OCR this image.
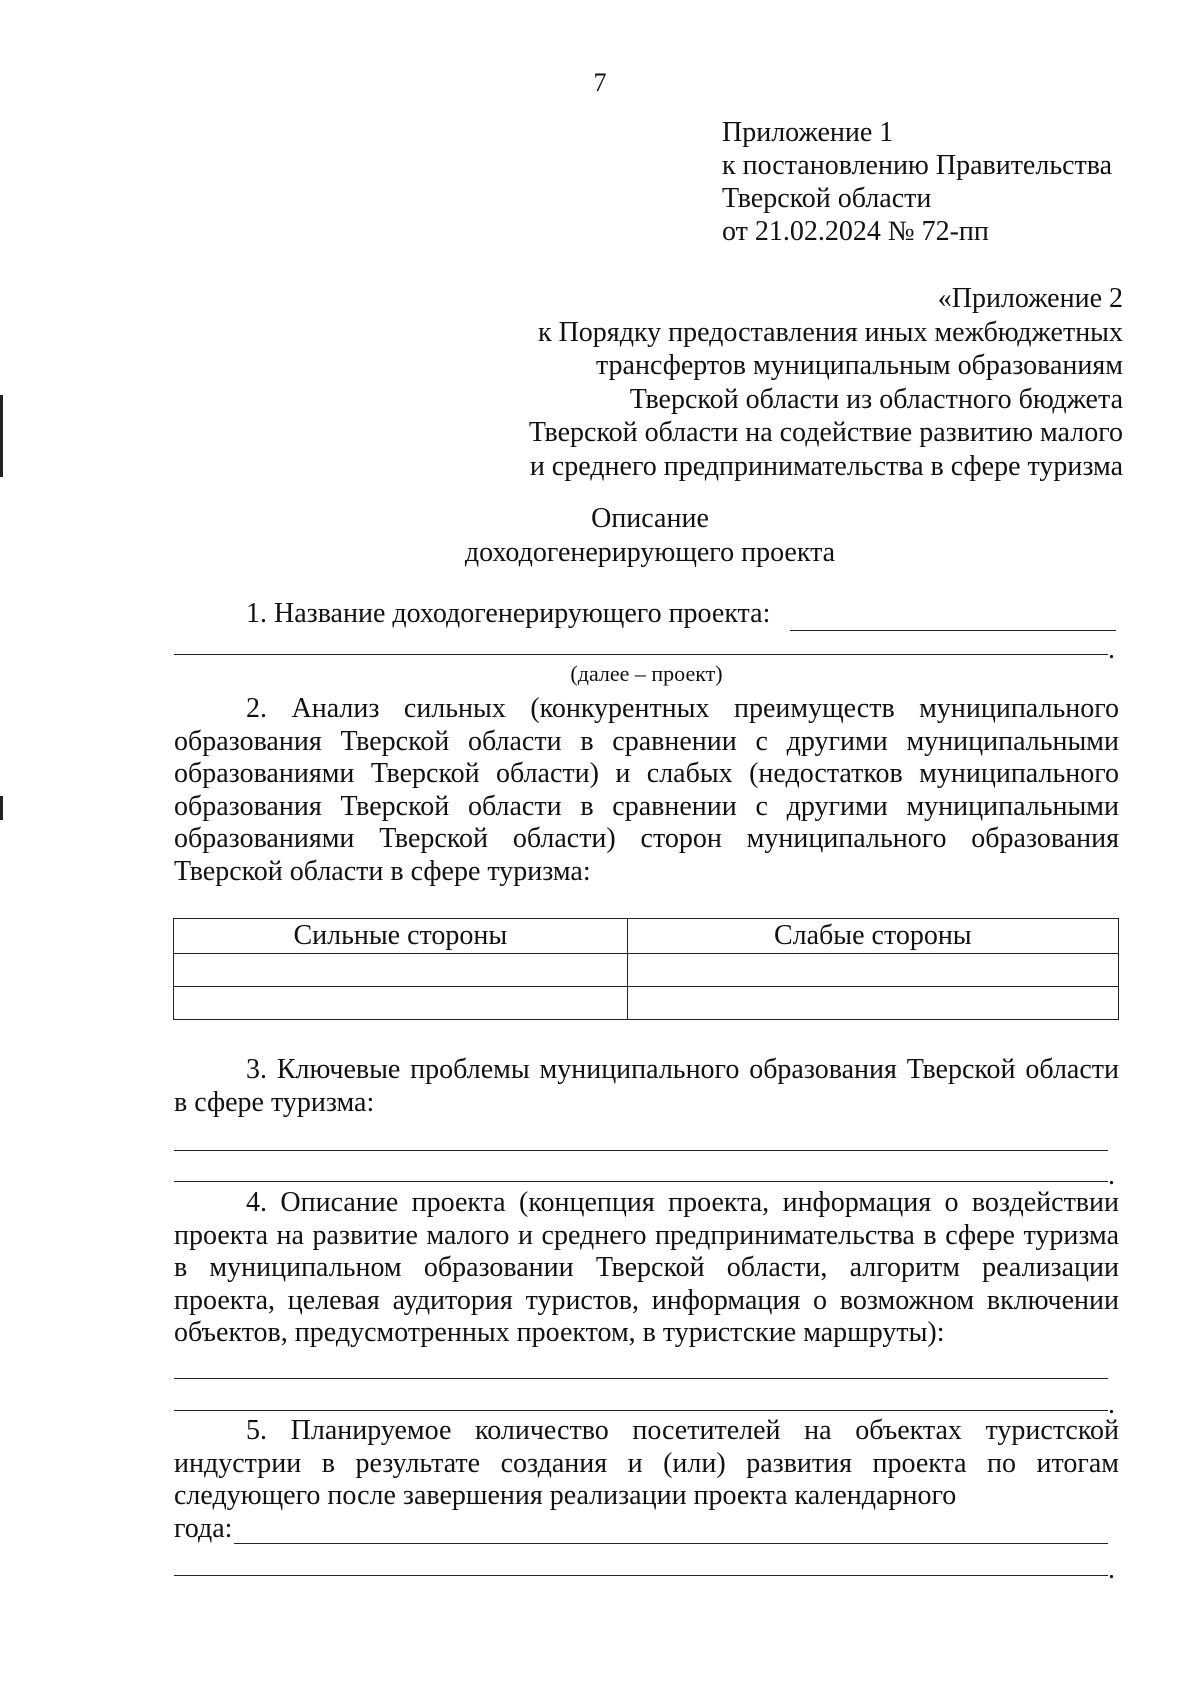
7
Приложение 1
к постановлению Правительства
Тверской области
от 21.02.2024 № 72-пп
«Приложение 2
к Порядку предоставления иных межбюджетных
трансфертов муниципальным образованиям
Тверской области из областного бюджета
Тверской области на содействие развитию малого
и среднего предпринимательства в сфере туризма
Описание
доходогенерирующего проекта
1. Название доходогенерирующего проекта:
.
(далее – проект)
2. Анализ сильных (конкурентных преимуществ муниципального образования Тверской области в сравнении с другими муниципальными образованиями Тверской области) и слабых (недостатков муниципального образования Тверской области в сравнении с другими муниципальными образованиями Тверской области) сторон муниципального образования Тверской области в сфере туризма:
Сильные стороны	Слабые стороны

3. Ключевые проблемы муниципального образования Тверской области в сфере туризма:
.
4. Описание проекта (концепция проекта, информация о воздействии проекта на развитие малого и среднего предпринимательства в сфере туризма в муниципальном образовании Тверской области, алгоритм реализации проекта, целевая аудитория туристов, информация о возможном включении объектов, предусмотренных проектом, в туристские маршруты):
.
5. Планируемое количество посетителей на объектах туристской индустрии в результате создания и (или) развития проекта по итогам следующего после завершения реализации проекта календарного
года:
.
